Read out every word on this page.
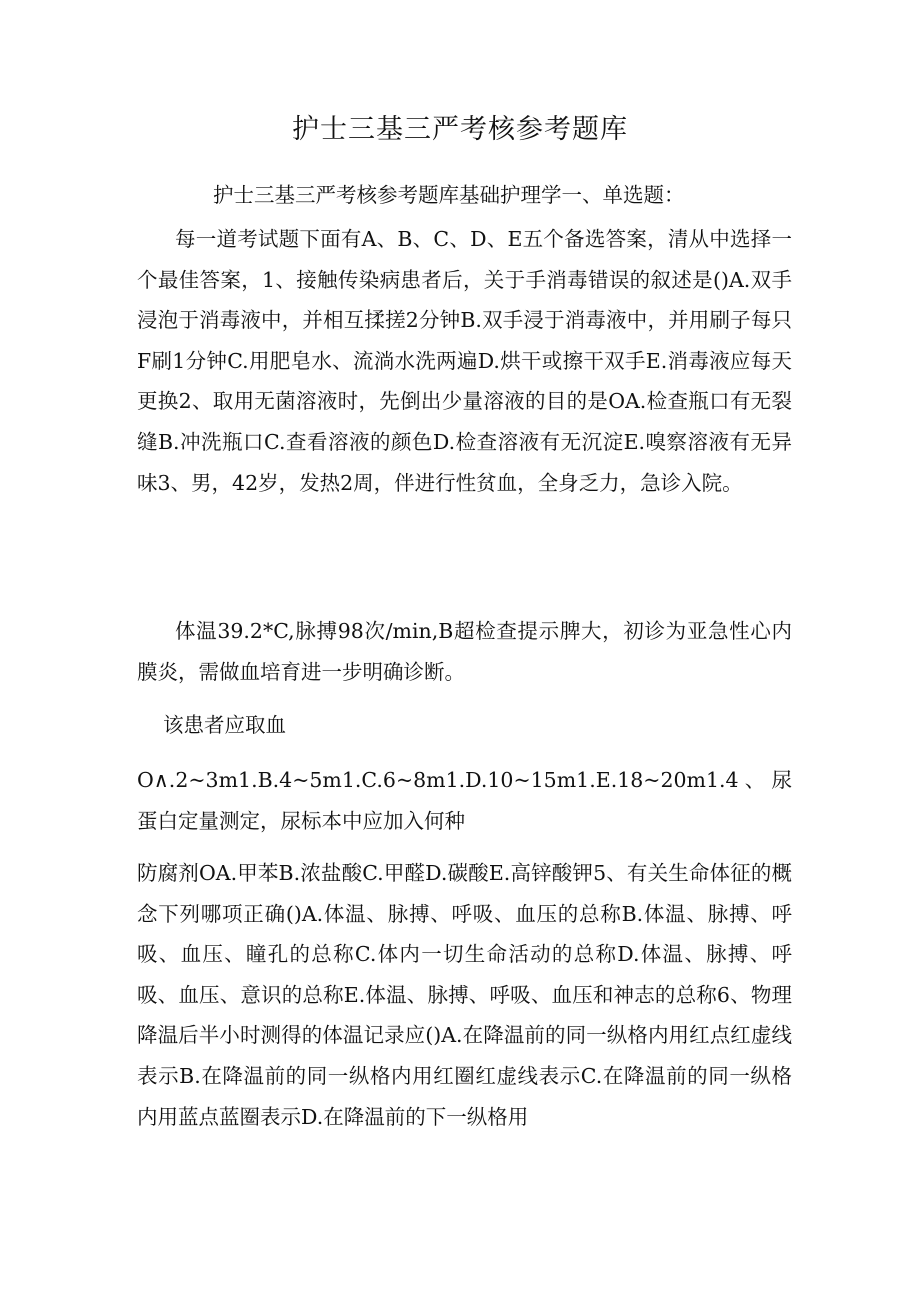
护士三基三严考核参考题库

护士三基三严考核参考题库基础护理学一、单选题：

每一道考试题下面有A、B、C、D、E五个备选答案，清从中选择一个最佳答案，1、接触传染病患者后，关于手消毒错误的叙述是()A.双手浸泡于消毒液中，并相互揉搓2分钟B.双手浸于消毒液中，并用刷子每只F刷1分钟C.用肥皂水、流淌水洗两遍D.烘干或擦干双手E.消毒液应每天更换2、取用无菌溶液时，先倒出少量溶液的目的是OA.检查瓶口有无裂缝B.冲洗瓶口C.查看溶液的颜色D.检查溶液有无沉淀E.嗅察溶液有无异味3、男，42岁，发热2周，伴进行性贫血，全身乏力，急诊入院。

体温39.2*C,脉搏98次/min,B超检查提示脾大，初诊为亚急性心内膜炎，需做血培育进一步明确诊断。

该患者应取血

O∧.2~3m1.B.4~5m1.C.6~8m1.D.10~15m1.E.18~20m1.4、尿蛋白定量测定，尿标本中应加入何种

防腐剂OA.甲苯B.浓盐酸C.甲醛D.碳酸E.高锌酸钾5、有关生命体征的概念下列哪项正确()A.体温、脉搏、呼吸、血压的总称B.体温、脉搏、呼吸、血压、瞳孔的总称C.体内一切生命活动的总称D.体温、脉搏、呼吸、血压、意识的总称E.体温、脉搏、呼吸、血压和神志的总称6、物理降温后半小时测得的体温记录应()A.在降温前的同一纵格内用红点红虚线表示B.在降温前的同一纵格内用红圈红虚线表示C.在降温前的同一纵格内用蓝点蓝圈表示D.在降温前的下一纵格用
